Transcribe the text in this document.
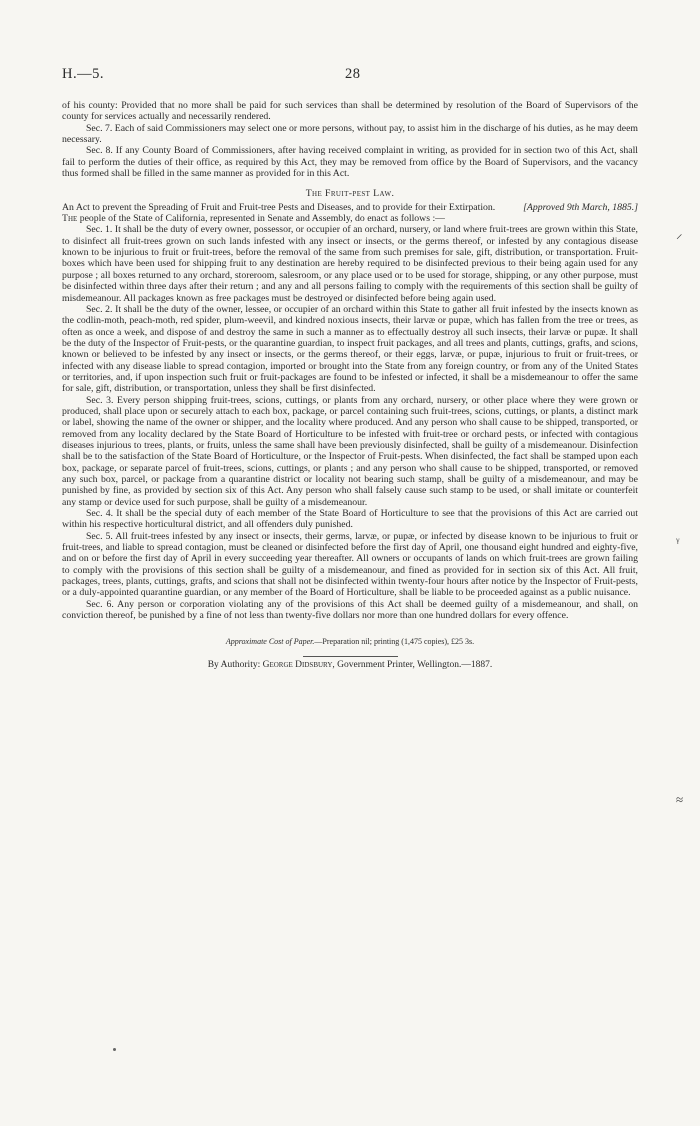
H.—5.	28

of his county: Provided that no more shall be paid for such services than shall be determined by resolution of the Board of Supervisors of the county for services actually and necessarily rendered.

Sec. 7. Each of said Commissioners may select one or more persons, without pay, to assist him in the discharge of his duties, as he may deem necessary.

Sec. 8. If any County Board of Commissioners, after having received complaint in writing, as provided for in section two of this Act, shall fail to perform the duties of their office, as required by this Act, they may be removed from office by the Board of Supervisors, and the vacancy thus formed shall be filled in the same manner as provided for in this Act.

The Fruit-pest Law.

An Act to prevent the Spreading of Fruit and Fruit-tree Pests and Diseases, and to provide for their Extirpation.	[Approved 9th March, 1885.]

The people of the State of California, represented in Senate and Assembly, do enact as follows :—

Sec. 1. It shall be the duty of every owner, possessor, or occupier of an orchard, nursery, or land where fruit-trees are grown within this State, to disinfect all fruit-trees grown on such lands infested with any insect or insects, or the germs thereof, or infested by any contagious disease known to be injurious to fruit or fruit-trees, before the removal of the same from such premises for sale, gift, distribution, or transportation. Fruit-boxes which have been used for shipping fruit to any destination are hereby required to be disinfected previous to their being again used for any purpose ; all boxes returned to any orchard, storeroom, salesroom, or any place used or to be used for storage, shipping, or any other purpose, must be disinfected within three days after their return ; and any and all persons failing to comply with the requirements of this section shall be guilty of misdemeanour. All packages known as free packages must be destroyed or disinfected before being again used.

Sec. 2. It shall be the duty of the owner, lessee, or occupier of an orchard within this State to gather all fruit infested by the insects known as the codlin-moth, peach-moth, red spider, plum-weevil, and kindred noxious insects, their larvæ or pupæ, which has fallen from the tree or trees, as often as once a week, and dispose of and destroy the same in such a manner as to effectually destroy all such insects, their larvæ or pupæ. It shall be the duty of the Inspector of Fruit-pests, or the quarantine guardian, to inspect fruit packages, and all trees and plants, cuttings, grafts, and scions, known or believed to be infested by any insect or insects, or the germs thereof, or their eggs, larvæ, or pupæ, injurious to fruit or fruit-trees, or infected with any disease liable to spread contagion, imported or brought into the State from any foreign country, or from any of the United States or territories, and, if upon inspection such fruit or fruit-packages are found to be infested or infected, it shall be a misdemeanour to offer the same for sale, gift, distribution, or transportation, unless they shall be first disinfected.

Sec. 3. Every person shipping fruit-trees, scions, cuttings, or plants from any orchard, nursery, or other place where they were grown or produced, shall place upon or securely attach to each box, package, or parcel containing such fruit-trees, scions, cuttings, or plants, a distinct mark or label, showing the name of the owner or shipper, and the locality where produced. And any person who shall cause to be shipped, transported, or removed from any locality declared by the State Board of Horticulture to be infested with fruit-tree or orchard pests, or infected with contagious diseases injurious to trees, plants, or fruits, unless the same shall have been previously disinfected, shall be guilty of a misdemeanour. Disinfection shall be to the satisfaction of the State Board of Horticulture, or the Inspector of Fruit-pests. When disinfected, the fact shall be stamped upon each box, package, or separate parcel of fruit-trees, scions, cuttings, or plants ; and any person who shall cause to be shipped, transported, or removed any such box, parcel, or package from a quarantine district or locality not bearing such stamp, shall be guilty of a misdemeanour, and may be punished by fine, as provided by section six of this Act. Any person who shall falsely cause such stamp to be used, or shall imitate or counterfeit any stamp or device used for such purpose, shall be guilty of a misdemeanour.

Sec. 4. It shall be the special duty of each member of the State Board of Horticulture to see that the provisions of this Act are carried out within his respective horticultural district, and all offenders duly punished.

Sec. 5. All fruit-trees infested by any insect or insects, their germs, larvæ, or pupæ, or infected by disease known to be injurious to fruit or fruit-trees, and liable to spread contagion, must be cleaned or disinfected before the first day of April, one thousand eight hundred and eighty-five, and on or before the first day of April in every succeeding year thereafter. All owners or occupants of lands on which fruit-trees are grown failing to comply with the provisions of this section shall be guilty of a misdemeanour, and fined as provided for in section six of this Act. All fruit, packages, trees, plants, cuttings, grafts, and scions that shall not be disinfected within twenty-four hours after notice by the Inspector of Fruit-pests, or a duly-appointed quarantine guardian, or any member of the Board of Horticulture, shall be liable to be proceeded against as a public nuisance.

Sec. 6. Any person or corporation violating any of the provisions of this Act shall be deemed guilty of a misdemeanour, and shall, on conviction thereof, be punished by a fine of not less than twenty-five dollars nor more than one hundred dollars for every offence.

Approximate Cost of Paper.—Preparation nil; printing (1,475 copies), £25 3s.

By Authority: George Didsbury, Government Printer, Wellington.—1887.

⸝
ᵞ
≈
